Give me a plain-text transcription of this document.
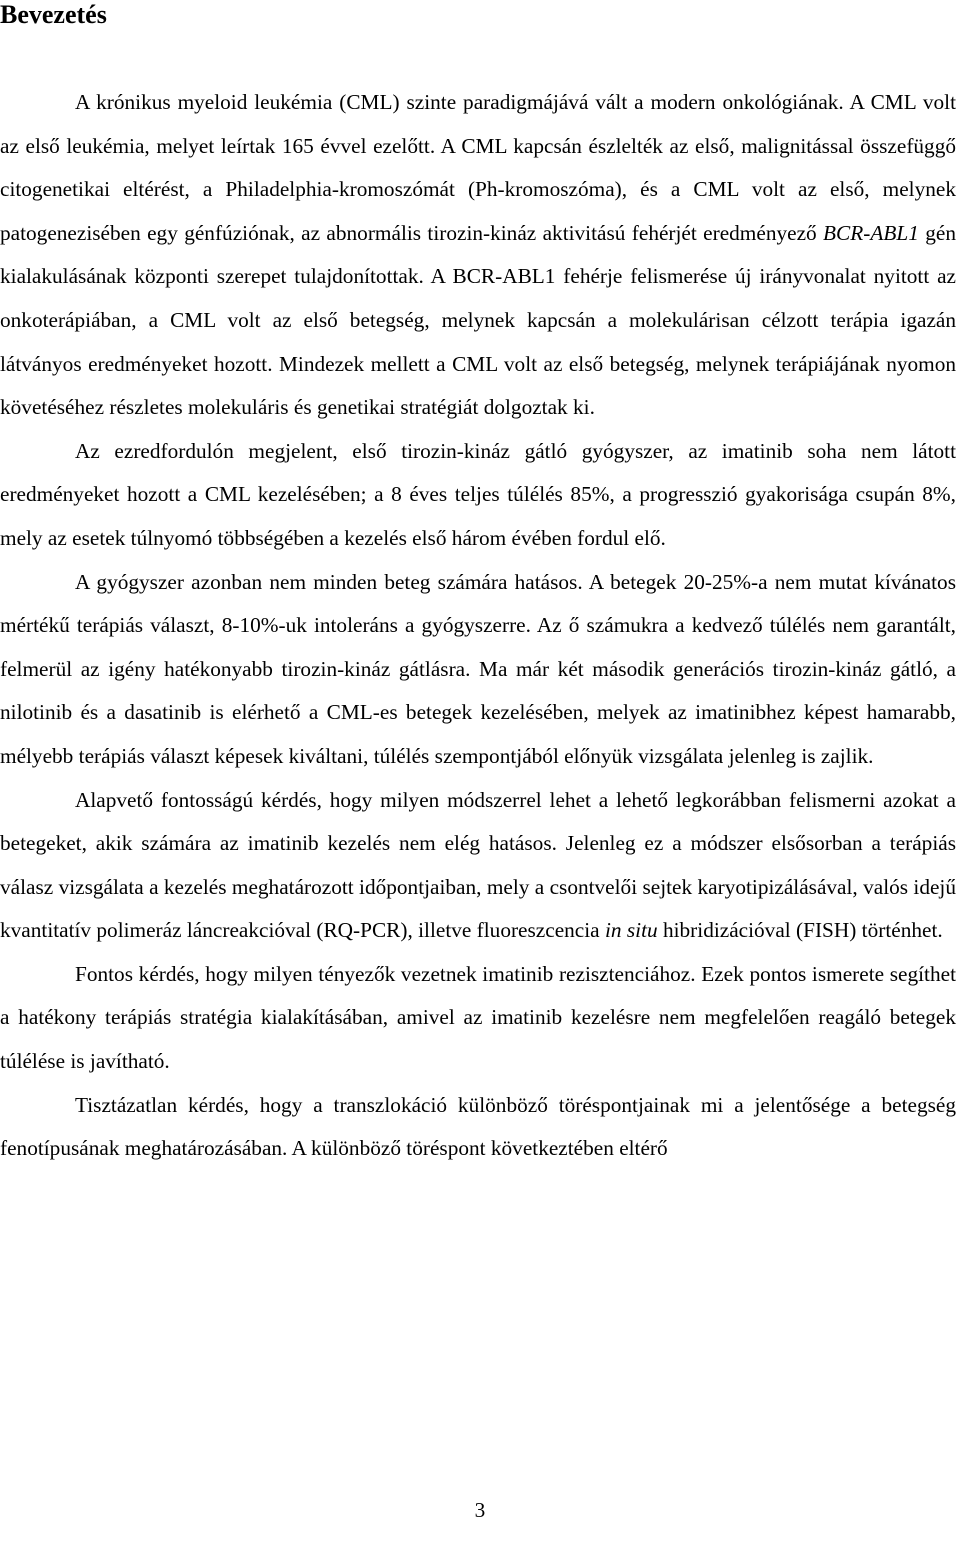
Bevezetés

A krónikus myeloid leukémia (CML) szinte paradigmájává vált a modern onkológiának. A CML volt az első leukémia, melyet leírtak 165 évvel ezelőtt. A CML kapcsán észlelték az első, malignitással összefüggő citogenetikai eltérést, a Philadelphia-kromoszómát (Ph-kromoszóma), és a CML volt az első, melynek patogenezisében egy génfúziónak, az abnormális tirozin-kináz aktivitású fehérjét eredményező BCR-ABL1 gén kialakulásának központi szerepet tulajdonítottak. A BCR-ABL1 fehérje felismerése új irányvonalat nyitott az onkoterápiában, a CML volt az első betegség, melynek kapcsán a molekulárisan célzott terápia igazán látványos eredményeket hozott. Mindezek mellett a CML volt az első betegség, melynek terápiájának nyomon követéséhez részletes molekuláris és genetikai stratégiát dolgoztak ki.

Az ezredfordulón megjelent, első tirozin-kináz gátló gyógyszer, az imatinib soha nem látott eredményeket hozott a CML kezelésében; a 8 éves teljes túlélés 85%, a progresszió gyakorisága csupán 8%, mely az esetek túlnyomó többségében a kezelés első három évében fordul elő.

A gyógyszer azonban nem minden beteg számára hatásos. A betegek 20-25%-a nem mutat kívánatos mértékű terápiás választ, 8-10%-uk intoleráns a gyógyszerre. Az ő számukra a kedvező túlélés nem garantált, felmerül az igény hatékonyabb tirozin-kináz gátlásra. Ma már két második generációs tirozin-kináz gátló, a nilotinib és a dasatinib is elérhető a CML-es betegek kezelésében, melyek az imatinibhez képest hamarabb, mélyebb terápiás választ képesek kiváltani, túlélés szempontjából előnyük vizsgálata jelenleg is zajlik.

Alapvető fontosságú kérdés, hogy milyen módszerrel lehet a lehető legkorábban felismerni azokat a betegeket, akik számára az imatinib kezelés nem elég hatásos. Jelenleg ez a módszer elsősorban a terápiás válasz vizsgálata a kezelés meghatározott időpontjaiban, mely a csontvelői sejtek karyotipizálásával, valós idejű kvantitatív polimeráz láncreakcióval (RQ-PCR), illetve fluoreszcencia in situ hibridizációval (FISH) történhet.

Fontos kérdés, hogy milyen tényezők vezetnek imatinib rezisztenciához. Ezek pontos ismerete segíthet a hatékony terápiás stratégia kialakításában, amivel az imatinib kezelésre nem megfelelően reagáló betegek túlélése is javítható.

Tisztázatlan kérdés, hogy a transzlokáció különböző töréspontjainak mi a jelentősége a betegség fenotípusának meghatározásában. A különböző töréspont következtében eltérő

3
